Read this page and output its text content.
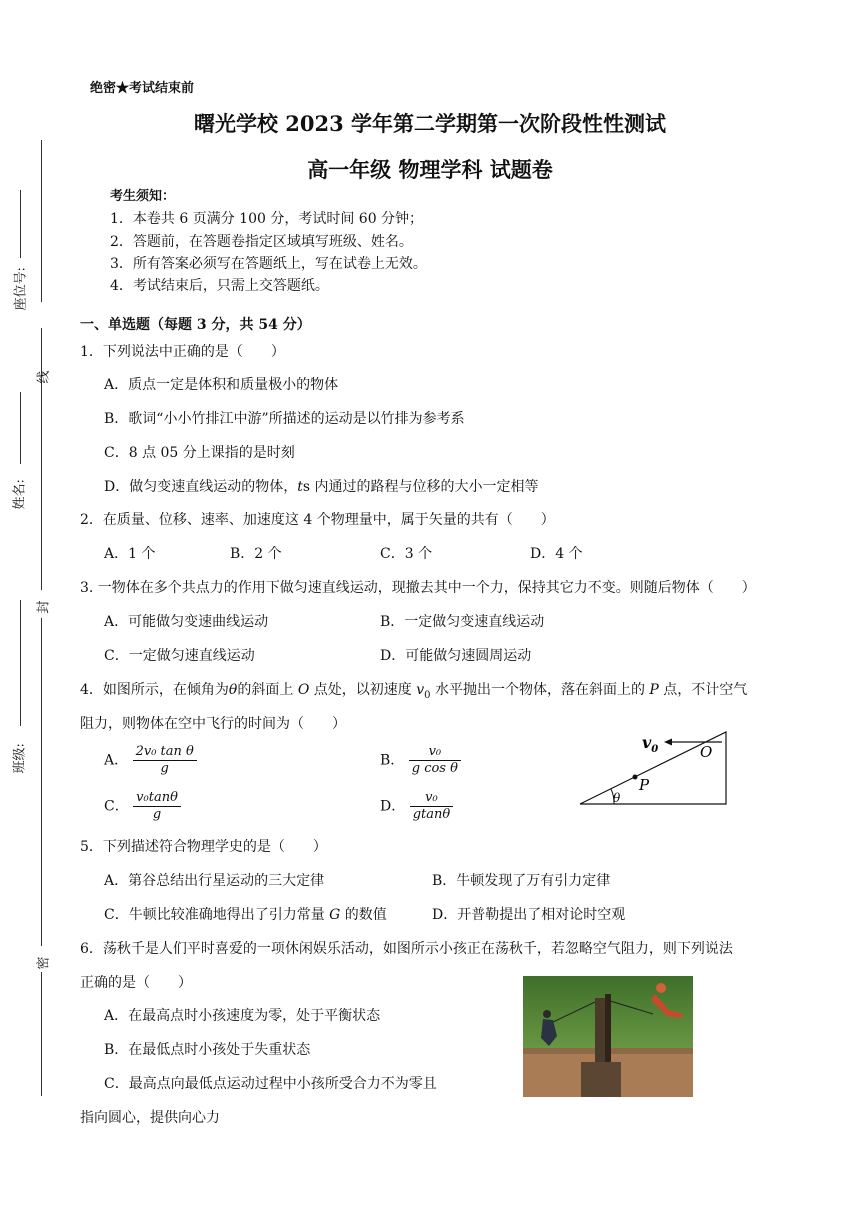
座位号:
线
姓名:
封
班级:
密
绝密★考试结束前
曙光学校 2023 学年第二学期第一次阶段性性测试
高一年级 物理学科 试题卷
考生须知：
1．本卷共 6 页满分 100 分，考试时间 60 分钟；
2．答题前，在答题卷指定区域填写班级、姓名。
3．所有答案必须写在答题纸上，写在试卷上无效。
4．考试结束后，只需上交答题纸。
一、单选题（每题 3 分，共 54 分）
1．下列说法中正确的是（　　）
A．质点一定是体积和质量极小的物体
B．歌词“小小竹排江中游”所描述的运动是以竹排为参考系
C．8 点 05 分上课指的是时刻
D．做匀变速直线运动的物体，ts 内通过的路程与位移的大小一定相等
2．在质量、位移、速率、加速度这 4 个物理量中，属于矢量的共有（　　）
A．1 个	B．2 个	C．3 个	D．4 个
3. 一物体在多个共点力的作用下做匀速直线运动，现撤去其中一个力，保持其它力不变。则随后物体（　　）
A．可能做匀变速曲线运动	B．一定做匀变速直线运动
C．一定做匀速直线运动	D．可能做匀速圆周运动
4．如图所示，在倾角为θ的斜面上 O 点处，以初速度 $v_0$ 水平抛出一个物体，落在斜面上的 P 点，不计空气
阻力，则物体在空中飞行的时间为（　　）
A． $\frac{\text{2v₀ tan θ}}{g}$	B． $\frac{\text{v₀}}{\text{g cos θ}}$
C． $\frac{\text{v₀tanθ}}{g}$	D． $\frac{\text{v₀}}{gtan\theta}$
$v_0$	O
P
θ
5．下列描述符合物理学史的是（　　）
A．第谷总结出行星运动的三大定律	B．牛顿发现了万有引力定律
C．牛顿比较准确地得出了引力常量 G 的数值	D．开普勒提出了相对论时空观
6．荡秋千是人们平时喜爱的一项休闲娱乐活动，如图所示小孩正在荡秋千，若忽略空气阻力，则下列说法
正确的是（　　）
A．在最高点时小孩速度为零，处于平衡状态
B．在最低点时小孩处于失重状态
C．最高点向最低点运动过程中小孩所受合力不为零且
指向圆心，提供向心力
